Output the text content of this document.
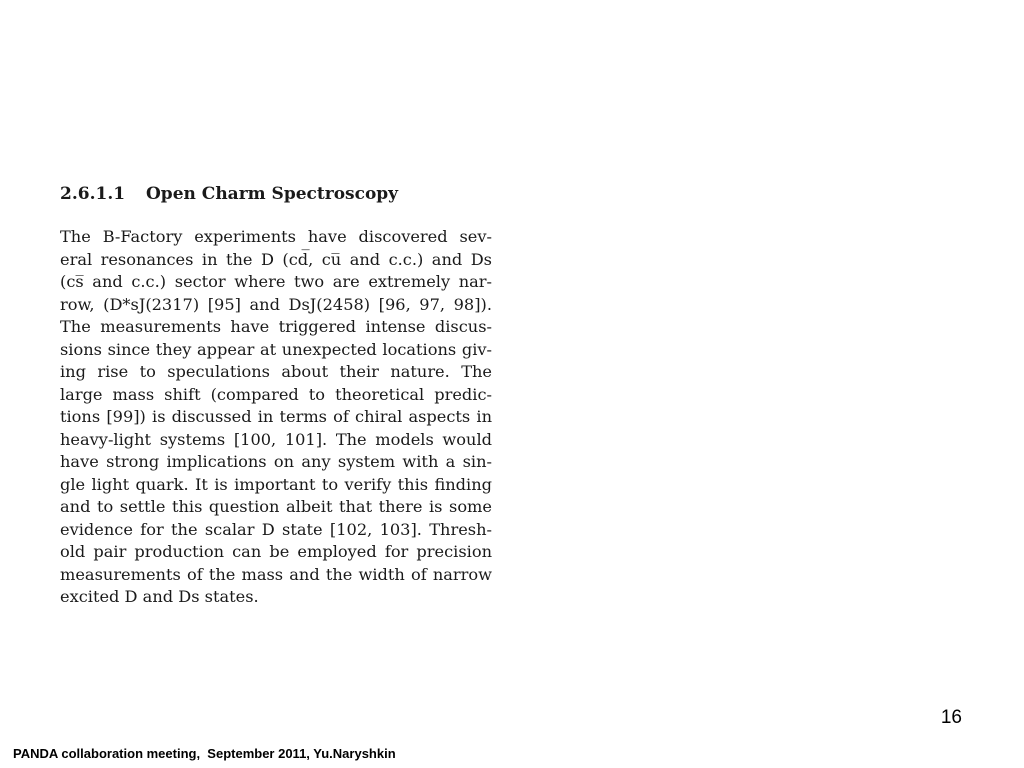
2.6.1.1 Open Charm Spectroscopy
The B-Factory experiments have discovered sev-
eral resonances in the D (cd̅, cu̅ and c.c.) and Ds
(cs̅ and c.c.) sector where two are extremely nar-
row, (D*sJ(2317) [95] and DsJ(2458) [96, 97, 98]).
The measurements have triggered intense discus-
sions since they appear at unexpected locations giv-
ing rise to speculations about their nature. The
large mass shift (compared to theoretical predic-
tions [99]) is discussed in terms of chiral aspects in
heavy-light systems [100, 101]. The models would
have strong implications on any system with a sin-
gle light quark. It is important to verify this finding
and to settle this question albeit that there is some
evidence for the scalar D state [102, 103]. Thresh-
old pair production can be employed for precision
measurements of the mass and the width of narrow
excited D and Ds states.
16
PANDA collaboration meeting,  September 2011, Yu.Naryshkin
